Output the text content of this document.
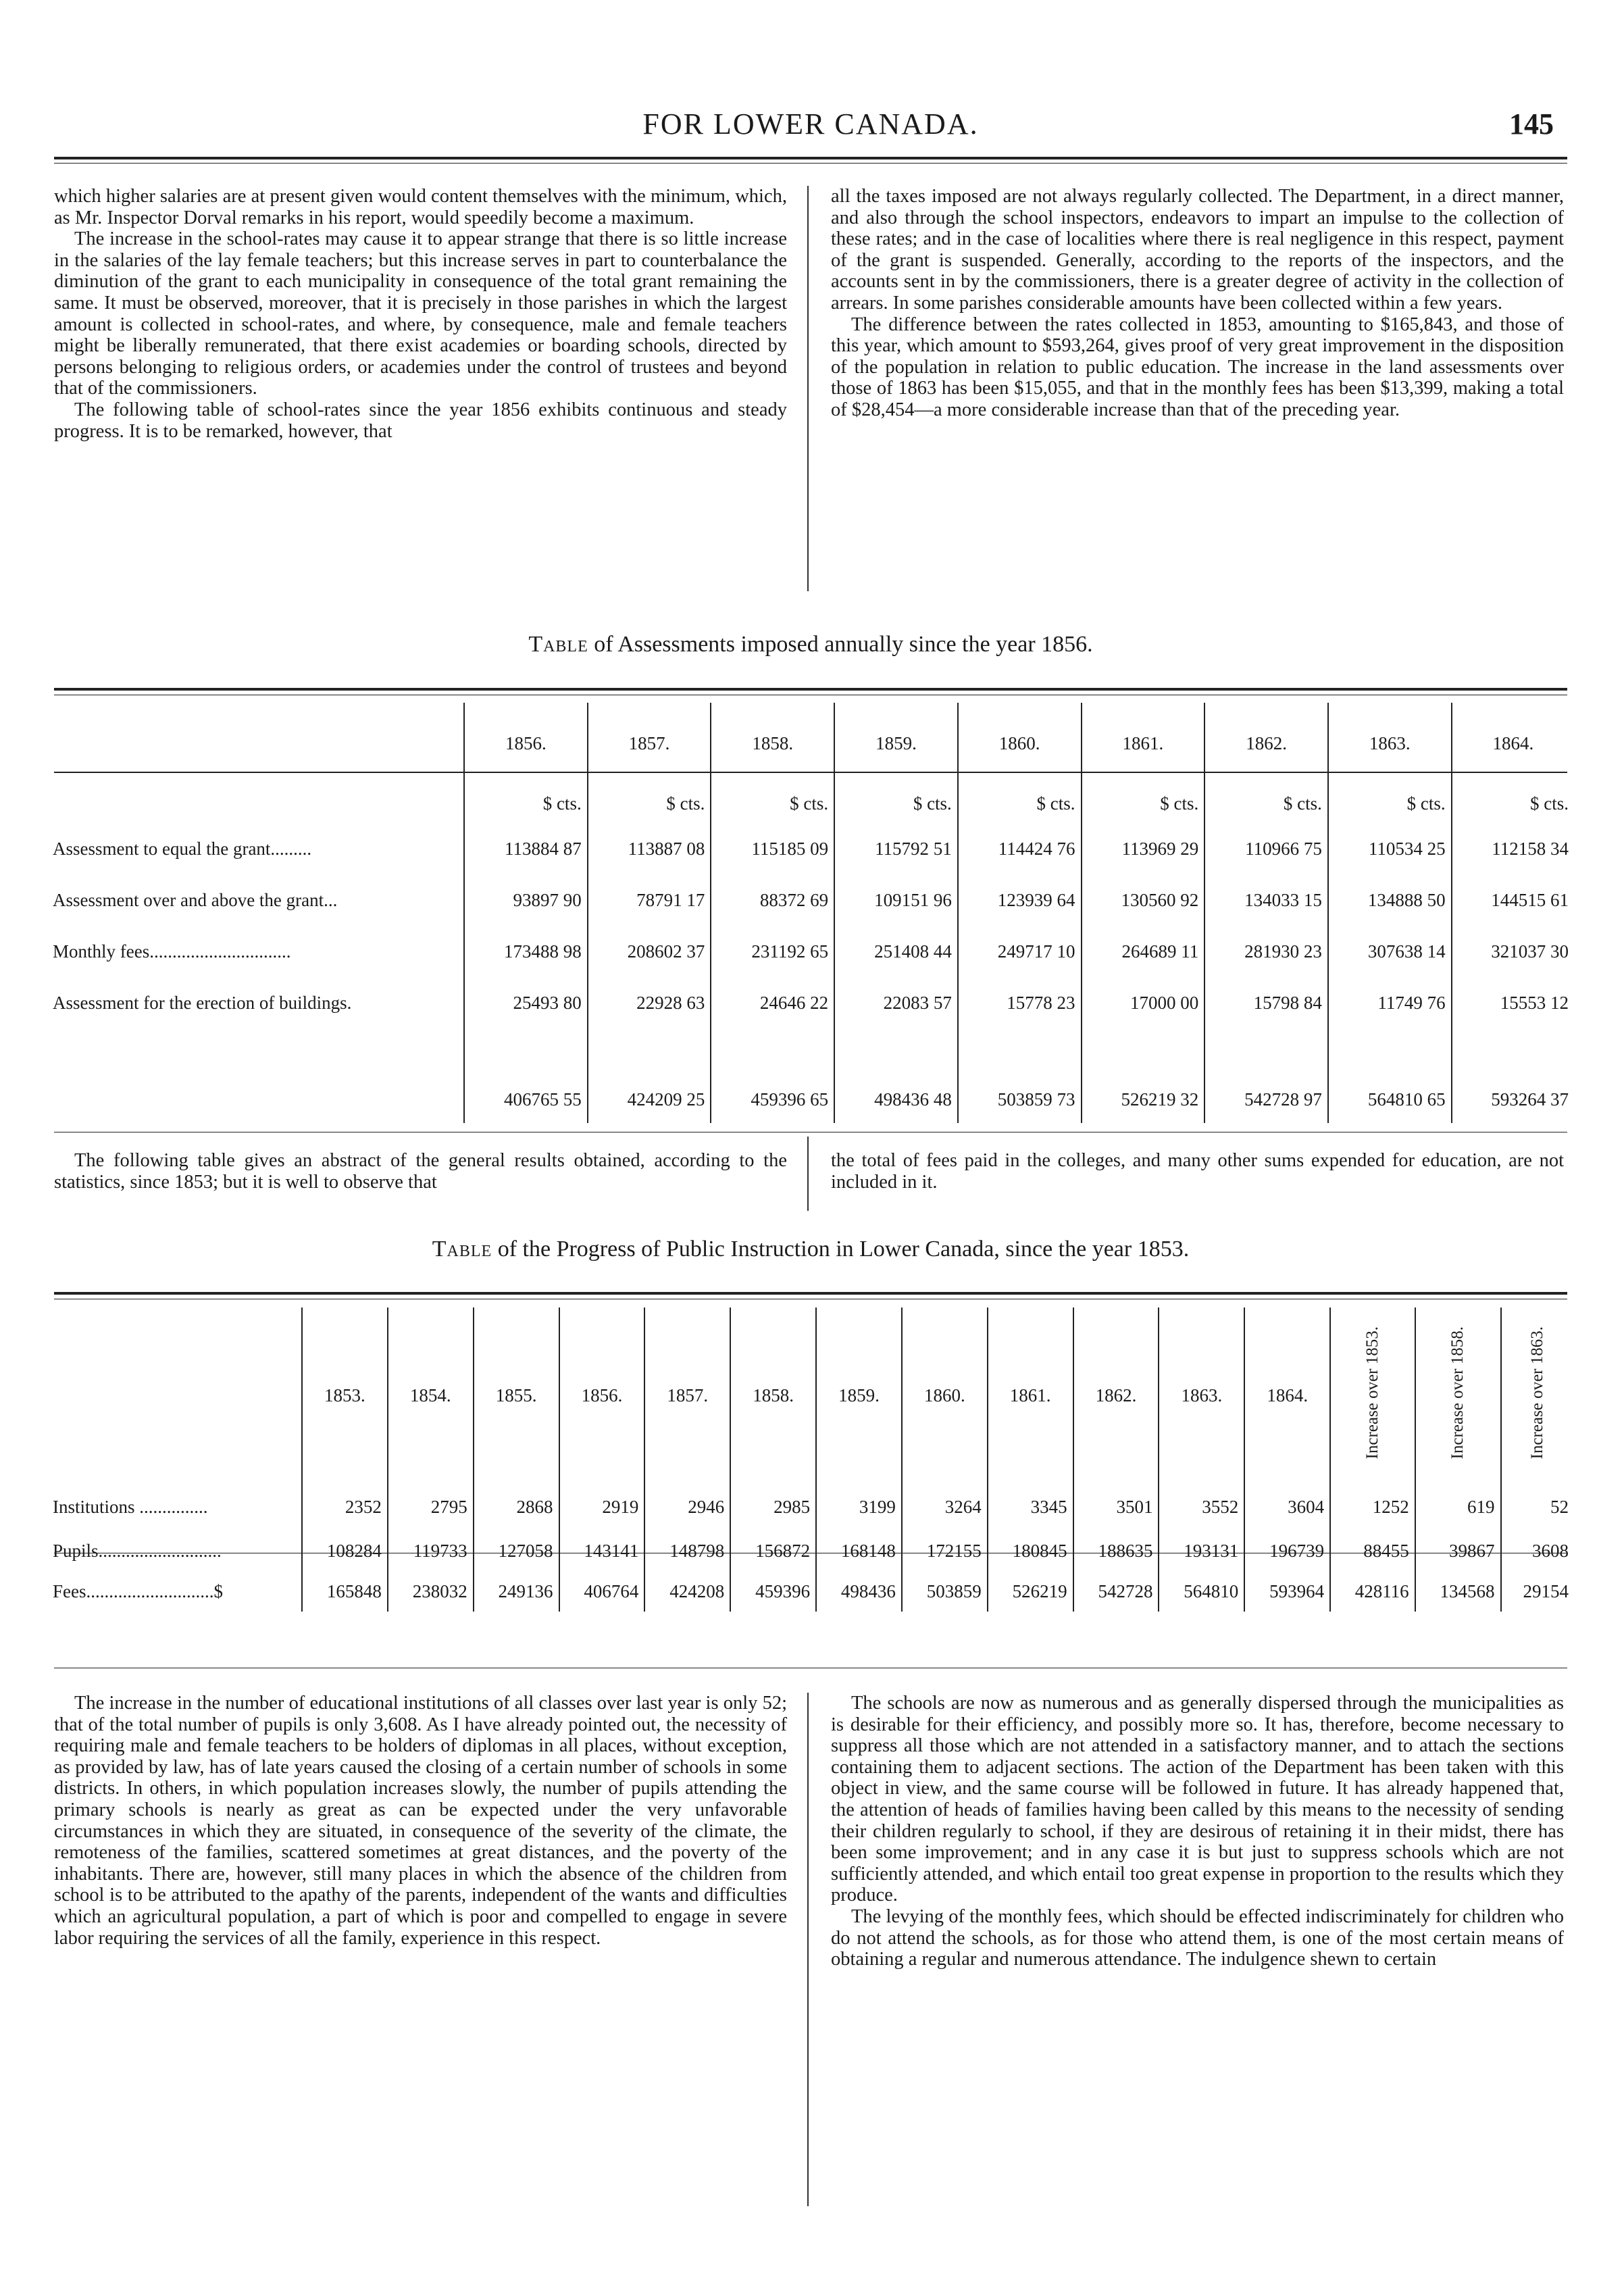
FOR LOWER CANADA.	145

which higher salaries are at present given would content themselves with the minimum, which, as Mr. Inspector Dorval remarks in his report, would speedily become a maximum.

The increase in the school-rates may cause it to appear strange that there is so little increase in the salaries of the lay female teachers; but this increase serves in part to counterbalance the diminution of the grant to each municipality in consequence of the total grant remaining the same. It must be observed, moreover, that it is precisely in those parishes in which the largest amount is collected in school-rates, and where, by consequence, male and female teachers might be liberally remunerated, that there exist academies or boarding schools, directed by persons belonging to religious orders, or academies under the control of trustees and beyond that of the commissioners.

The following table of school-rates since the year 1856 exhibits continuous and steady progress. It is to be remarked, however, that

all the taxes imposed are not always regularly collected. The Department, in a direct manner, and also through the school inspectors, endeavors to impart an impulse to the collection of these rates; and in the case of localities where there is real negligence in this respect, payment of the grant is suspended. Generally, according to the reports of the inspectors, and the accounts sent in by the commissioners, there is a greater degree of activity in the collection of arrears. In some parishes considerable amounts have been collected within a few years.

The difference between the rates collected in 1853, amounting to $165,843, and those of this year, which amount to $593,264, gives proof of very great improvement in the disposition of the population in relation to public education. The increase in the land assessments over those of 1863 has been $15,055, and that in the monthly fees has been $13,399, making a total of $28,454—a more considerable increase than that of the preceding year.

Table of Assessments imposed annually since the year 1856.
	1856.	1857.	1858.	1859.	1860.	1861.	1862.	1863.	1864.
	$ cts.	$ cts.	$ cts.	$ cts.	$ cts.	$ cts.	$ cts.	$ cts.	$ cts.
Assessment to equal the grant.........	113884 87	113887 08	115185 09	115792 51	114424 76	113969 29	110966 75	110534 25	112158 34
Assessment over and above the grant...	93897 90	78791 17	88372 69	109151 96	123939 64	130560 92	134033 15	134888 50	144515 61
Monthly fees...............................	173488 98	208602 37	231192 65	251408 44	249717 10	264689 11	281930 23	307638 14	321037 30
Assessment for the erection of buildings.	25493 80	22928 63	24646 22	22083 57	15778 23	17000 00	15798 84	11749 76	15553 12

	406765 55	424209 25	459396 65	498436 48	503859 73	526219 32	542728 97	564810 65	593264 37

The following table gives an abstract of the general results obtained, according to the statistics, since 1853; but it is well to observe that

the total of fees paid in the colleges, and many other sums expended for education, are not included in it.

Table of the Progress of Public Instruction in Lower Canada, since the year 1853.
	1853.	1854.	1855.	1856.	1857.	1858.	1859.	1860.	1861.	1862.	1863.	1864.	Increase over 1853.	Increase over 1858.	Increase over 1863.
Institutions ...............	2352	2795	2868	2919	2946	2985	3199	3264	3345	3501	3552	3604	1252	619	52
Pupils...........................	108284	119733	127058	143141	148798	156872	168148	172155	180845	188635	193131	196739	88455	39867	3608
Fees............................$	165848	238032	249136	406764	424208	459396	498436	503859	526219	542728	564810	593964	428116	134568	29154

The increase in the number of educational institutions of all classes over last year is only 52; that of the total number of pupils is only 3,608. As I have already pointed out, the necessity of requiring male and female teachers to be holders of diplomas in all places, without exception, as provided by law, has of late years caused the closing of a certain number of schools in some districts. In others, in which population increases slowly, the number of pupils attending the primary schools is nearly as great as can be expected under the very unfavorable circumstances in which they are situated, in consequence of the severity of the climate, the remoteness of the families, scattered sometimes at great distances, and the poverty of the inhabitants. There are, however, still many places in which the absence of the children from school is to be attributed to the apathy of the parents, independent of the wants and difficulties which an agricultural population, a part of which is poor and compelled to engage in severe labor requiring the services of all the family, experience in this respect.

The schools are now as numerous and as generally dispersed through the municipalities as is desirable for their efficiency, and possibly more so. It has, therefore, become necessary to suppress all those which are not attended in a satisfactory manner, and to attach the sections containing them to adjacent sections. The action of the Department has been taken with this object in view, and the same course will be followed in future. It has already happened that, the attention of heads of families having been called by this means to the necessity of sending their children regularly to school, if they are desirous of retaining it in their midst, there has been some improvement; and in any case it is but just to suppress schools which are not sufficiently attended, and which entail too great expense in proportion to the results which they produce.

The levying of the monthly fees, which should be effected indiscriminately for children who do not attend the schools, as for those who attend them, is one of the most certain means of obtaining a regular and numerous attendance. The indulgence shewn to certain
